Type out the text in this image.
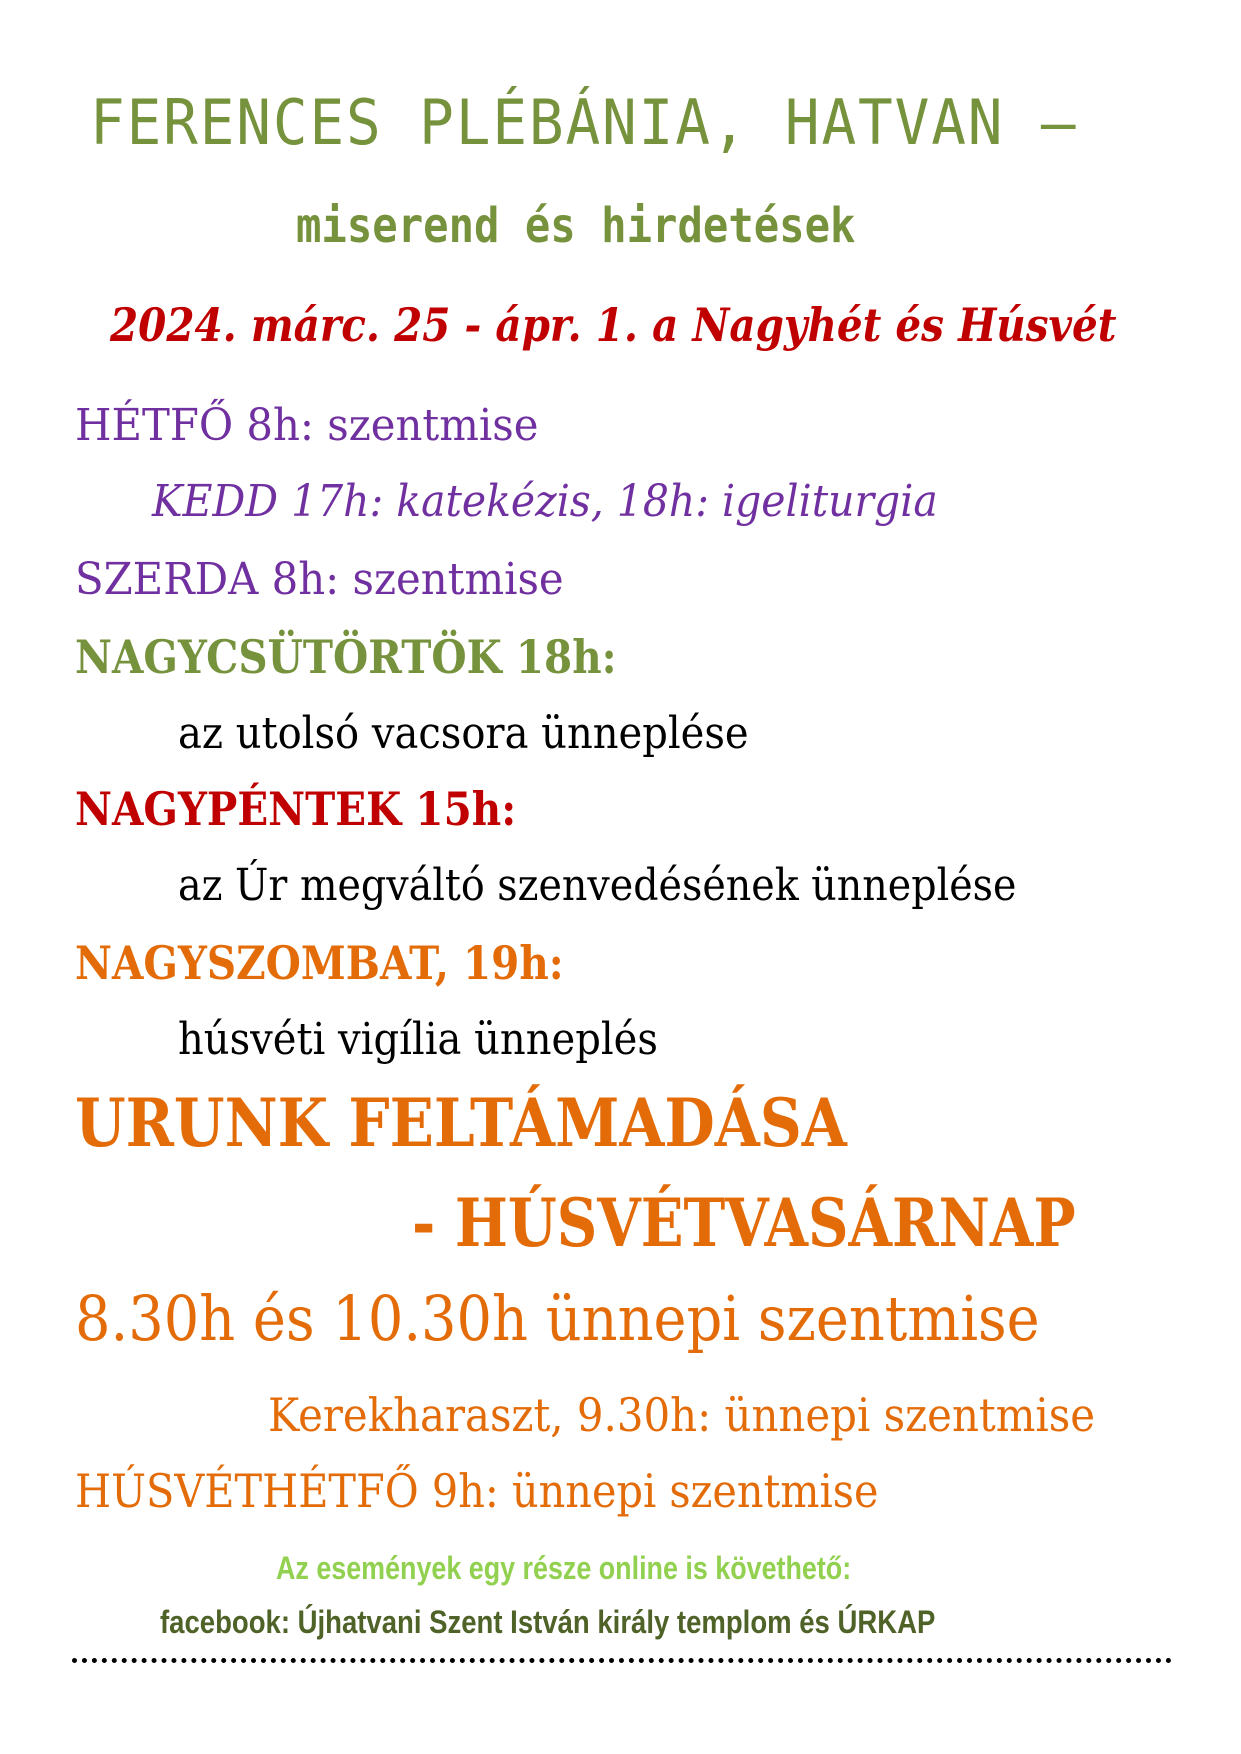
FERENCES PLÉBÁNIA, HATVAN –
miserend és hirdetések
2024. márc. 25 - ápr. 1. a Nagyhét és Húsvét
HÉTFŐ 8h: szentmise
KEDD 17h: katekézis, 18h: igeliturgia
SZERDA 8h: szentmise
NAGYCSÜTÖRTÖK 18h:
az utolsó vacsora ünneplése
NAGYPÉNTEK 15h:
az Úr megváltó szenvedésének ünneplése
NAGYSZOMBAT, 19h:
húsvéti vigília ünneplés
URUNK FELTÁMADÁSA
- HÚSVÉTVASÁRNAP
8.30h és 10.30h ünnepi szentmise
Kerekharaszt, 9.30h: ünnepi szentmise
HÚSVÉTHÉTFŐ 9h: ünnepi szentmise
Az események egy része online is követhető:
facebook: Újhatvani Szent István király templom és ÚRKAP
